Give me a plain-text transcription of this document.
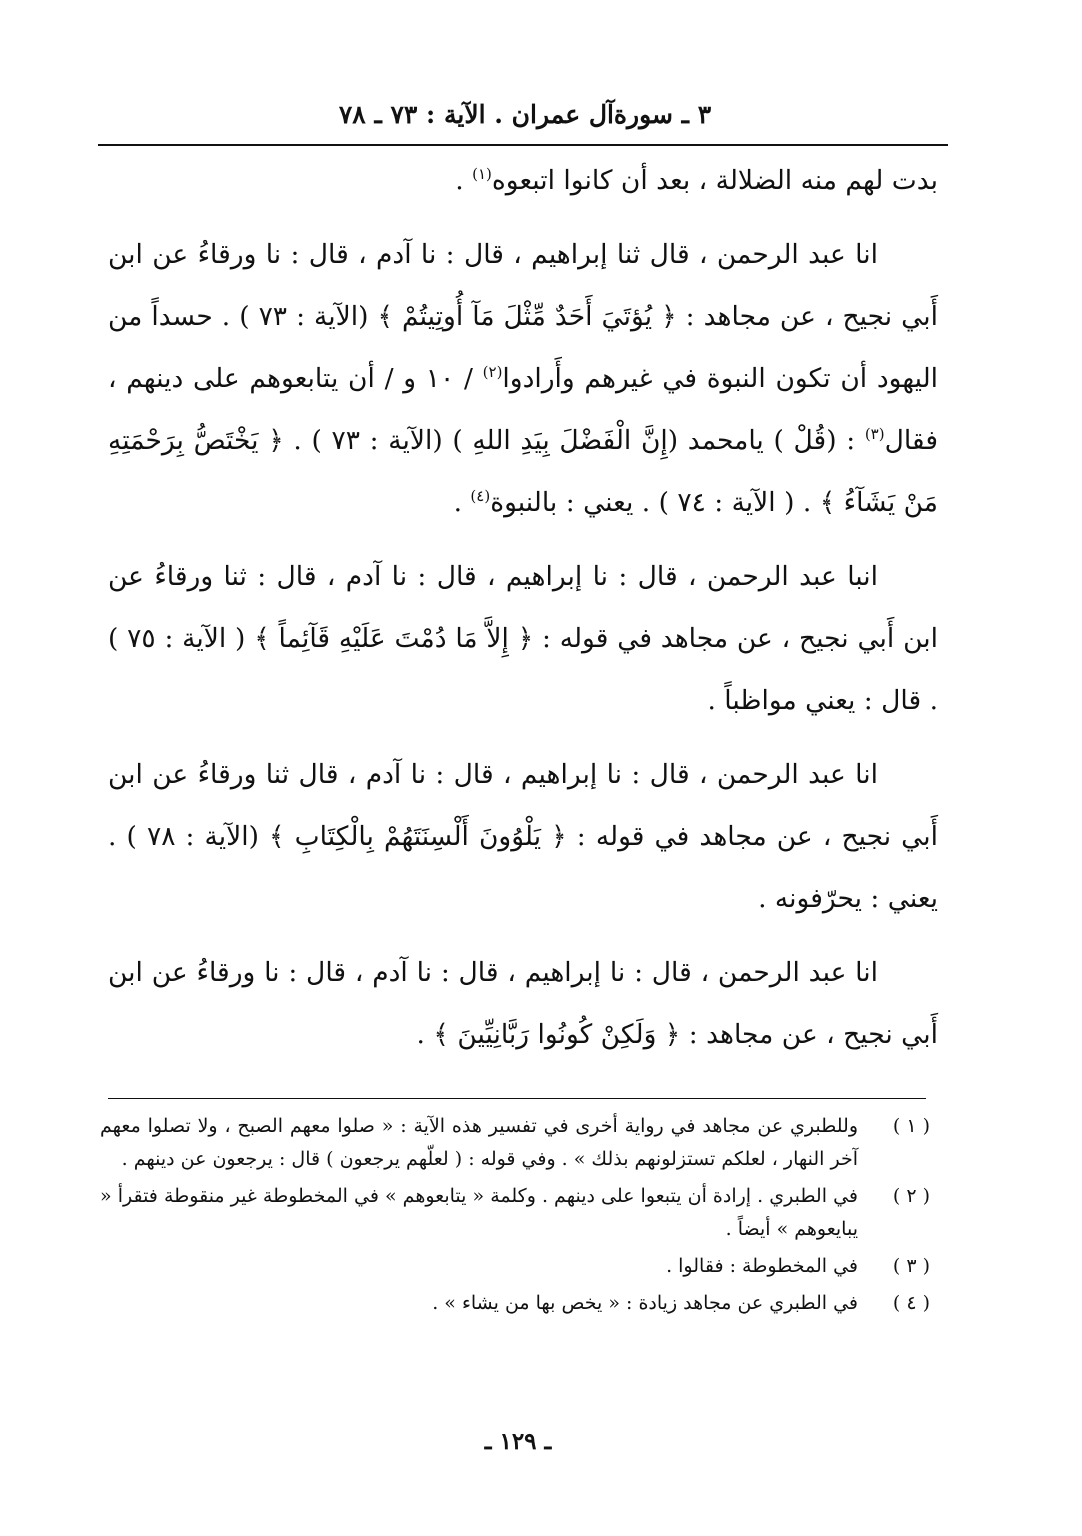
٣ ـ سورةآل عمران . الآية : ٧٣ ـ ٧٨

بدت لهم منه الضلالة ، بعد أن كانوا اتبعوه$^{(١)}$ .

انا عبد الرحمن ، قال ثنا إبراهيم ، قال : نا آدم ، قال : نا ورقاءُ عن ابن أَبي نجيح ، عن مجاهد : ﴿ يُؤتَيَ أَحَدٌ مِّثْلَ مَآ أُوتِيتُمْ ﴾ (الآية : ٧٣ ) . حسداً من اليهود أن تكون النبوة في غيرهم وأَرادوا$^{(٢)}$ / ١٠ و / أن يتابعوهم على دينهم ، فقال$^{(٣)}$ : (قُلْ ) يامحمد (إِنَّ الْفَضْلَ بِيَدِ اللهِ ) (الآية : ٧٣ ) . ﴿ يَخْتَصُّ بِرَحْمَتِهِ مَنْ يَشَآءُ ﴾ . ( الآية : ٧٤ ) . يعني : بالنبوة$^{(٤)}$ .

انبا عبد الرحمن ، قال : نا إبراهيم ، قال : نا آدم ، قال : ثنا ورقاءُ عن ابن أَبي نجيح ، عن مجاهد في قوله : ﴿ إِلاَّ مَا دُمْتَ عَلَيْهِ قَآئِماً ﴾ ( الآية : ٧٥ ) . قال : يعني مواظباً .

انا عبد الرحمن ، قال : نا إبراهيم ، قال : نا آدم ، قال ثنا ورقاءُ عن ابن أَبي نجيح ، عن مجاهد في قوله : ﴿ يَلْوُونَ أَلْسِنَتَهُمْ بِالْكِتَابِ ﴾ (الآية : ٧٨ ) . يعني : يحرّفونه .

انا عبد الرحمن ، قال : نا إبراهيم ، قال : نا آدم ، قال : نا ورقاءُ عن ابن أَبي نجيح ، عن مجاهد : ﴿ وَلَكِنْ كُونُوا رَبَّانِيِّينَ ﴾ .

( ١ )
وللطبري عن مجاهد في رواية أخرى في تفسير هذه الآية : « صلوا معهم الصبح ، ولا تصلوا معهم آخر النهار ، لعلكم تستزلونهم بذلك » . وفي قوله : ( لعلّهم يرجعون ) قال : يرجعون عن دينهم .
( ٢ )
في الطبري . إرادة أن يتبعوا على دينهم . وكلمة « يتابعوهم » في المخطوطة غير منقوطة فتقرأ « يبايعوهم » أيضاً .
( ٣ )
في المخطوطة : فقالوا .
( ٤ )
في الطبري عن مجاهد زيادة : « يخص بها من يشاء » .
ـ ١٢٩ ـ
